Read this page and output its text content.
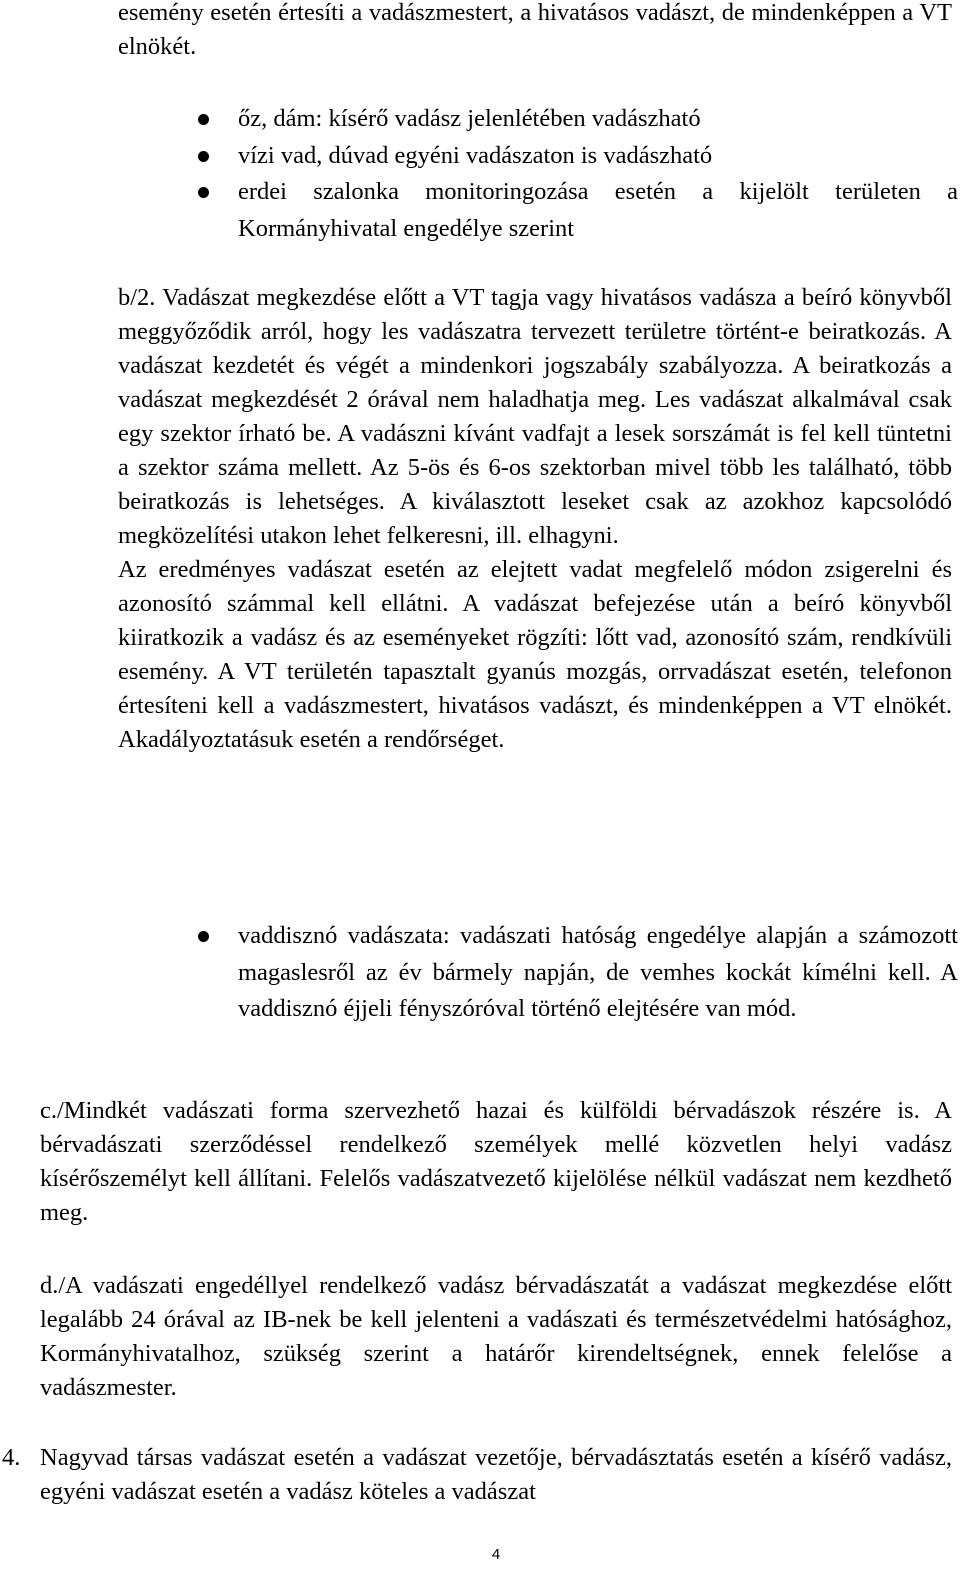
esemény esetén értesíti a vadászmestert, a hivatásos vadászt, de mindenképpen a VT elnökét.

őz, dám: kísérő vadász jelenlétében vadászható
vízi vad, dúvad egyéni vadászaton is vadászható
erdei szalonka monitoringozása esetén a kijelölt területen a Kormányhivatal engedélye szerint

b/2. Vadászat megkezdése előtt a VT tagja vagy hivatásos vadásza a beíró könyvből meggyőződik arról, hogy les vadászatra tervezett területre történt-e beiratkozás. A vadászat kezdetét és végét a mindenkori jogszabály szabályozza. A beiratkozás a vadászat megkezdését 2 órával nem haladhatja meg. Les vadászat alkalmával csak egy szektor írható be. A vadászni kívánt vadfajt a lesek sorszámát is fel kell tüntetni a szektor száma mellett. Az 5-ös és 6-os szektorban mivel több les található, több beiratkozás is lehetséges. A kiválasztott leseket csak az azokhoz kapcsolódó megközelítési utakon lehet felkeresni, ill. elhagyni.

Az eredményes vadászat esetén az elejtett vadat megfelelő módon zsigerelni és azonosító számmal kell ellátni. A vadászat befejezése után a beíró könyvből kiiratkozik a vadász és az eseményeket rögzíti: lőtt vad, azonosító szám, rendkívüli esemény. A VT területén tapasztalt gyanús mozgás, orrvadászat esetén, telefonon értesíteni kell a vadászmestert, hivatásos vadászt, és mindenképpen a VT elnökét. Akadályoztatásuk esetén a rendőrséget.

vaddisznó vadászata: vadászati hatóság engedélye alapján a számozott magaslesről az év bármely napján, de vemhes kockát kímélni kell. A vaddisznó éjjeli fényszóróval történő elejtésére van mód.

c./Mindkét vadászati forma szervezhető hazai és külföldi bérvadászok részére is. A bérvadászati szerződéssel rendelkező személyek mellé közvetlen helyi vadász kísérőszemélyt kell állítani. Felelős vadászatvezető kijelölése nélkül vadászat nem kezdhető meg.

d./A vadászati engedéllyel rendelkező vadász bérvadászatát a vadászat megkezdése előtt legalább 24 órával az IB-nek be kell jelenteni a vadászati és természetvédelmi hatósághoz, Kormányhivatalhoz, szükség szerint a határőr kirendeltségnek, ennek felelőse a vadászmester.

4. Nagyvad társas vadászat esetén a vadászat vezetője, bérvadásztatás esetén a kísérő vadász, egyéni vadászat esetén a vadász köteles a vadászat

4
